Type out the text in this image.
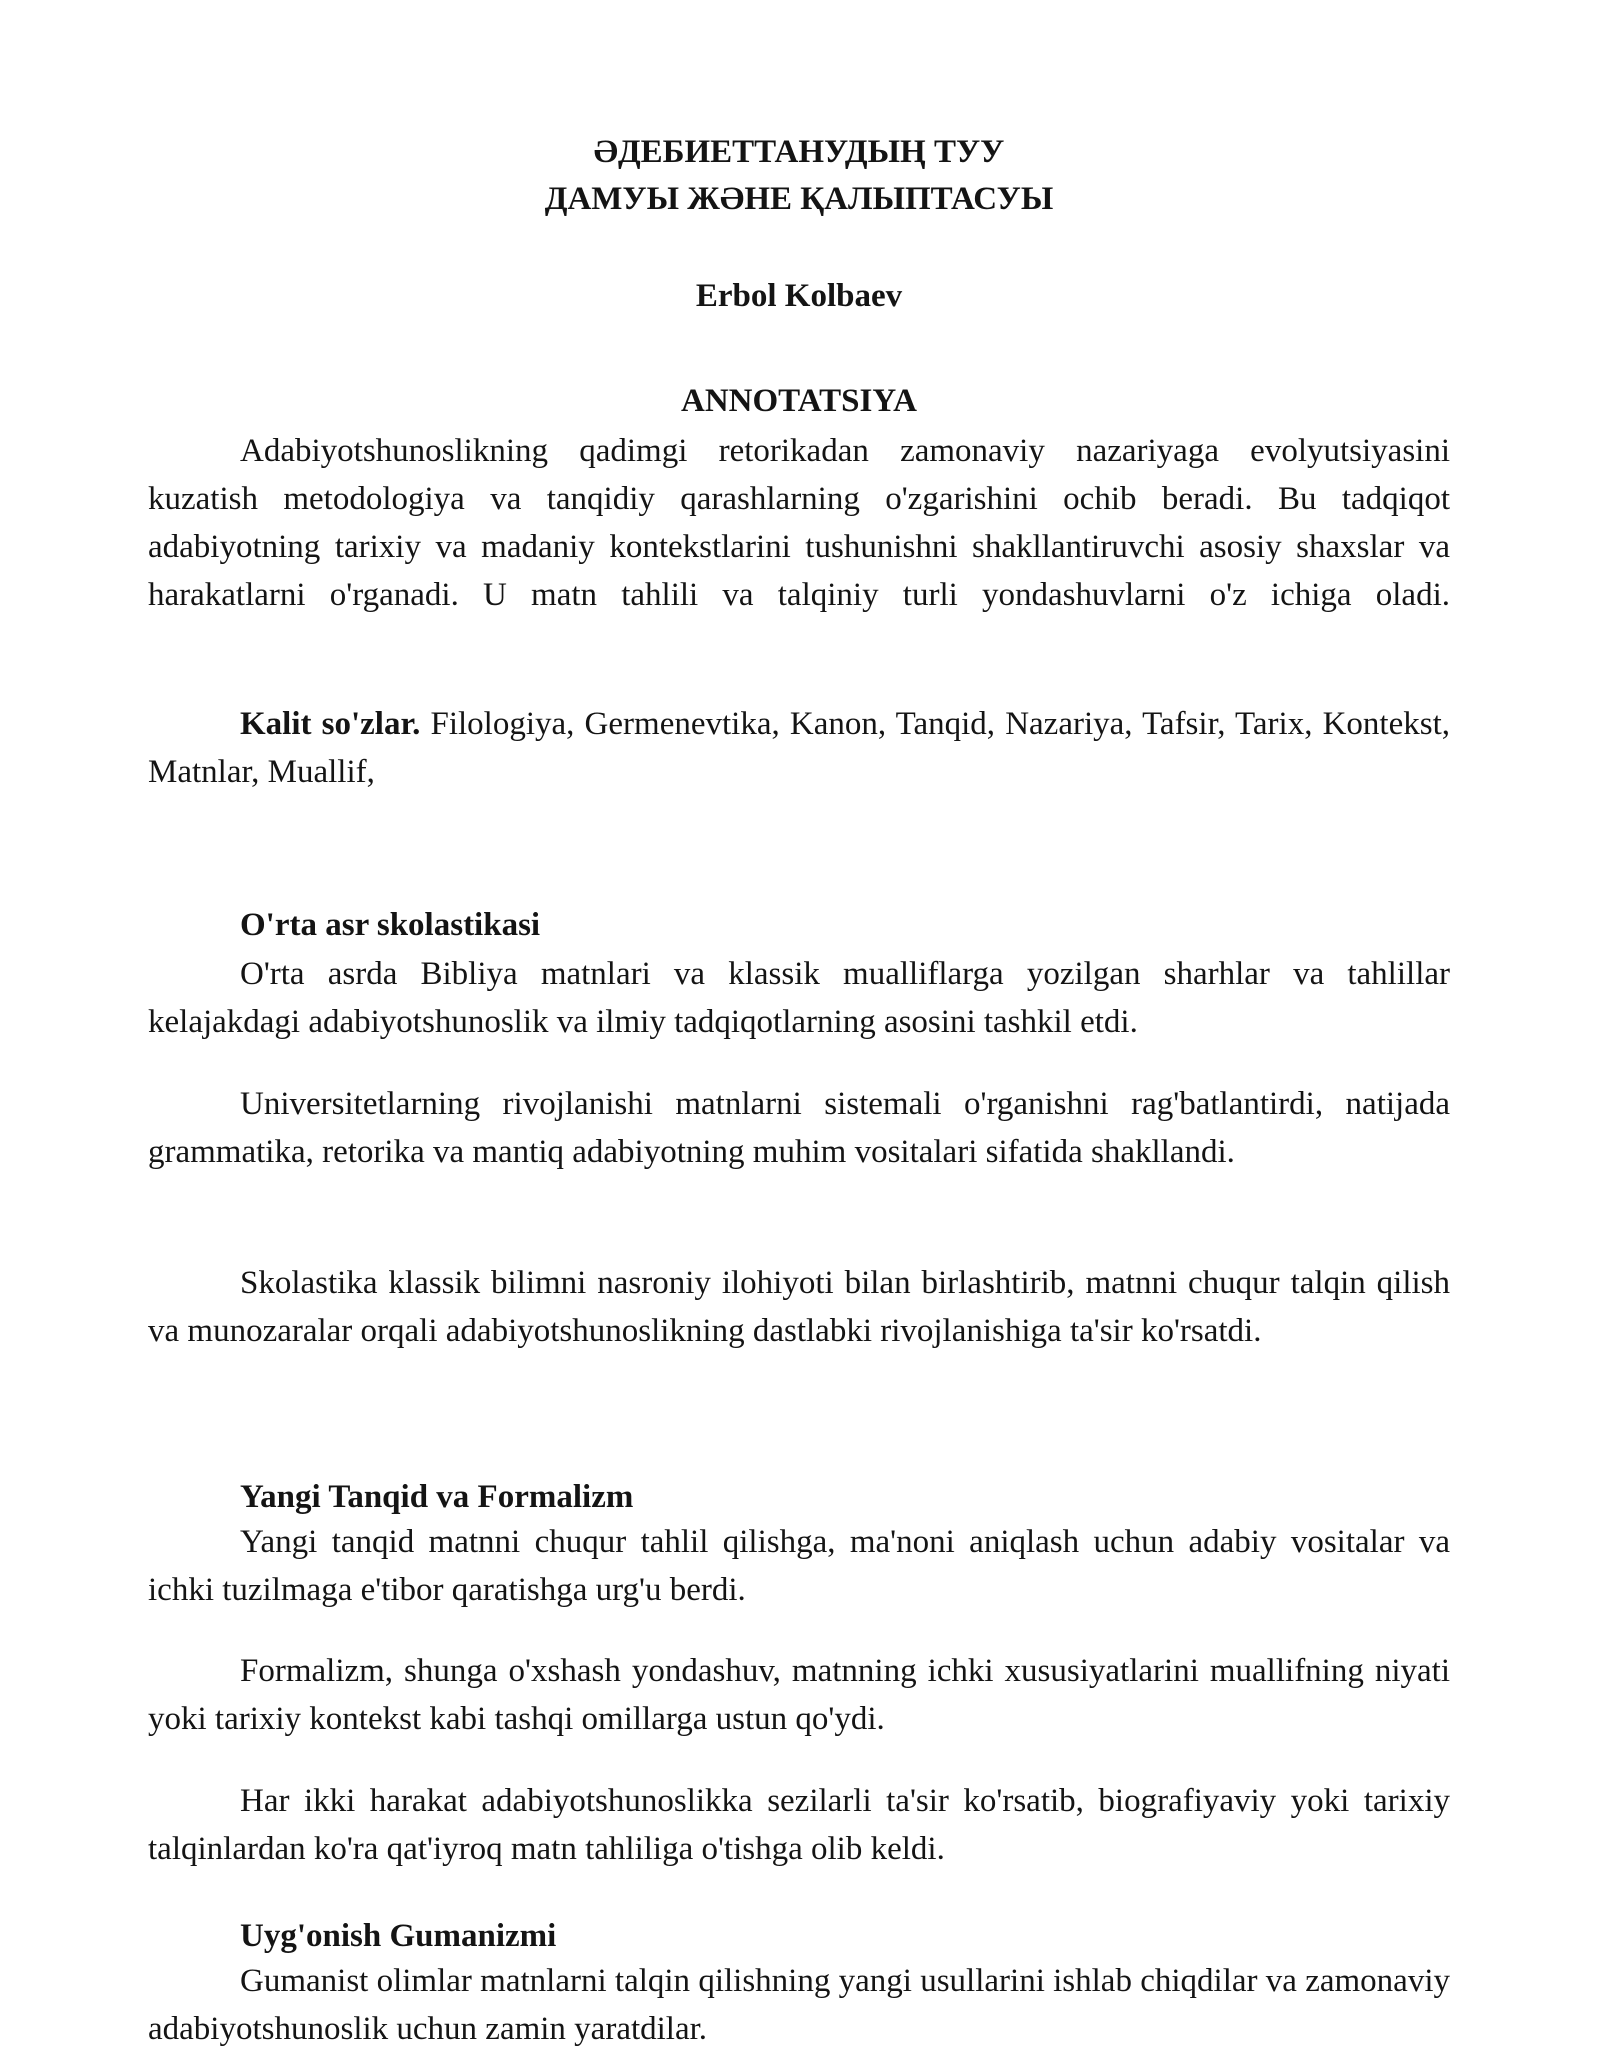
ӘДЕБИЕТТАНУДЫҢ ТУУ

ДАМУЫ ЖӘНЕ ҚАЛЫПТАСУЫ

Erbol Kolbaev

ANNOTATSIYA

Adabiyotshunoslikning qadimgi retorikadan zamonaviy nazariyaga evolyutsiyasini kuzatish metodologiya va tanqidiy qarashlarning o'zgarishini ochib beradi. Bu tadqiqot adabiyotning tarixiy va madaniy kontekstlarini tushunishni shakllantiruvchi asosiy shaxslar va harakatlarni o'rganadi. U matn tahlili va talqiniy turli yondashuvlarni o'z ichiga oladi.

Kalit so'zlar. Filologiya, Germenevtika, Kanon, Tanqid, Nazariya, Tafsir, Tarix, Kontekst, Matnlar, Muallif,

O'rta asr skolastikasi

O'rta asrda Bibliya matnlari va klassik mualliflarga yozilgan sharhlar va tahlillar kelajakdagi adabiyotshunoslik va ilmiy tadqiqotlarning asosini tashkil etdi.

Universitetlarning rivojlanishi matnlarni sistemali o'rganishni rag'batlantirdi, natijada grammatika, retorika va mantiq adabiyotning muhim vositalari sifatida shakllandi.

Skolastika klassik bilimni nasroniy ilohiyoti bilan birlashtirib, matnni chuqur talqin qilish va munozaralar orqali adabiyotshunoslikning dastlabki rivojlanishiga ta'sir ko'rsatdi.

Yangi Tanqid va Formalizm

Yangi tanqid matnni chuqur tahlil qilishga, ma'noni aniqlash uchun adabiy vositalar va ichki tuzilmaga e'tibor qaratishga urg'u berdi.

Formalizm, shunga o'xshash yondashuv, matnning ichki xususiyatlarini muallifning niyati yoki tarixiy kontekst kabi tashqi omillarga ustun qo'ydi.

Har ikki harakat adabiyotshunoslikka sezilarli ta'sir ko'rsatib, biografiyaviy yoki tarixiy talqinlardan ko'ra qat'iyroq matn tahliliga o'tishga olib keldi.

Uyg'onish Gumanizmi

Gumanist olimlar matnlarni talqin qilishning yangi usullarini ishlab chiqdilar va zamonaviy adabiyotshunoslik uchun zamin yaratdilar.
